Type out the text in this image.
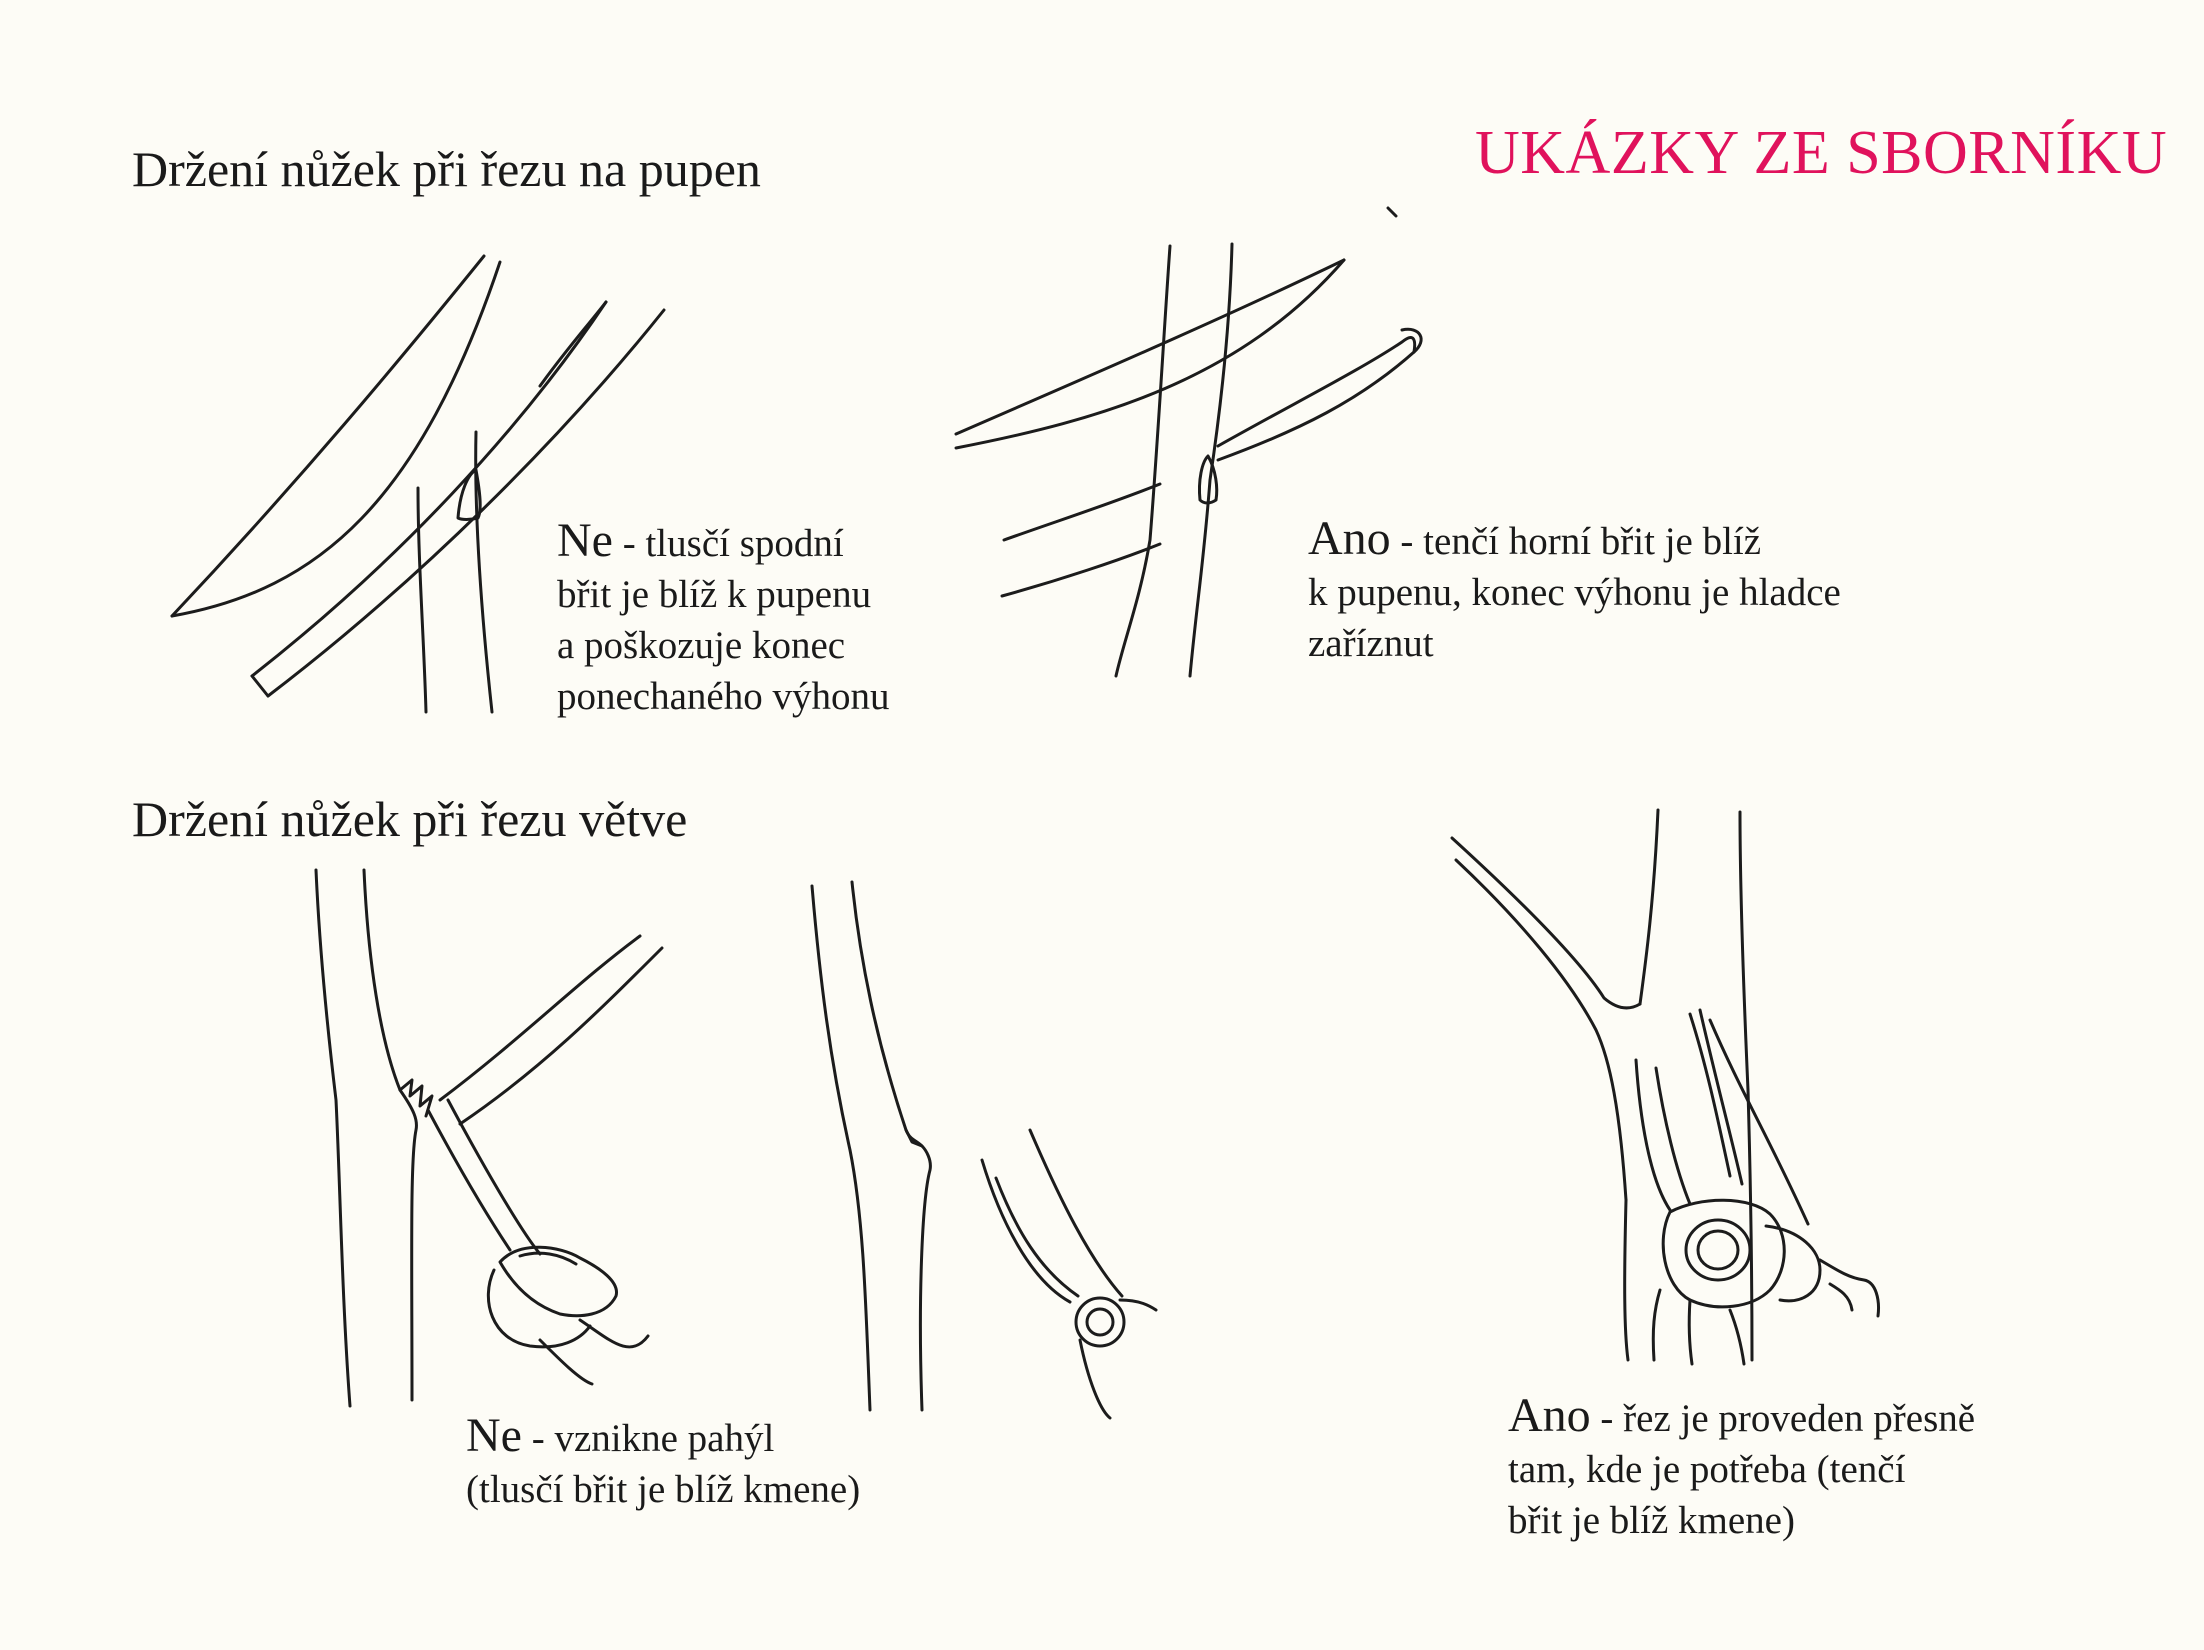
UKÁZKY ZE SBORNÍKU
Držení nůžek při řezu na pupen
Držení nůžek při řezu větve
Ne - tlusčí spodní
břit je blíž k pupenu
a poškozuje konec
ponechaného výhonu
Ano - tenčí horní břit je blíž
k pupenu, konec výhonu je hladce
zaříznut
Ne - vznikne pahýl
(tlusčí břit je blíž kmene)
Ano - řez je proveden přesně
tam, kde je potřeba (tenčí
břit je blíž kmene)
